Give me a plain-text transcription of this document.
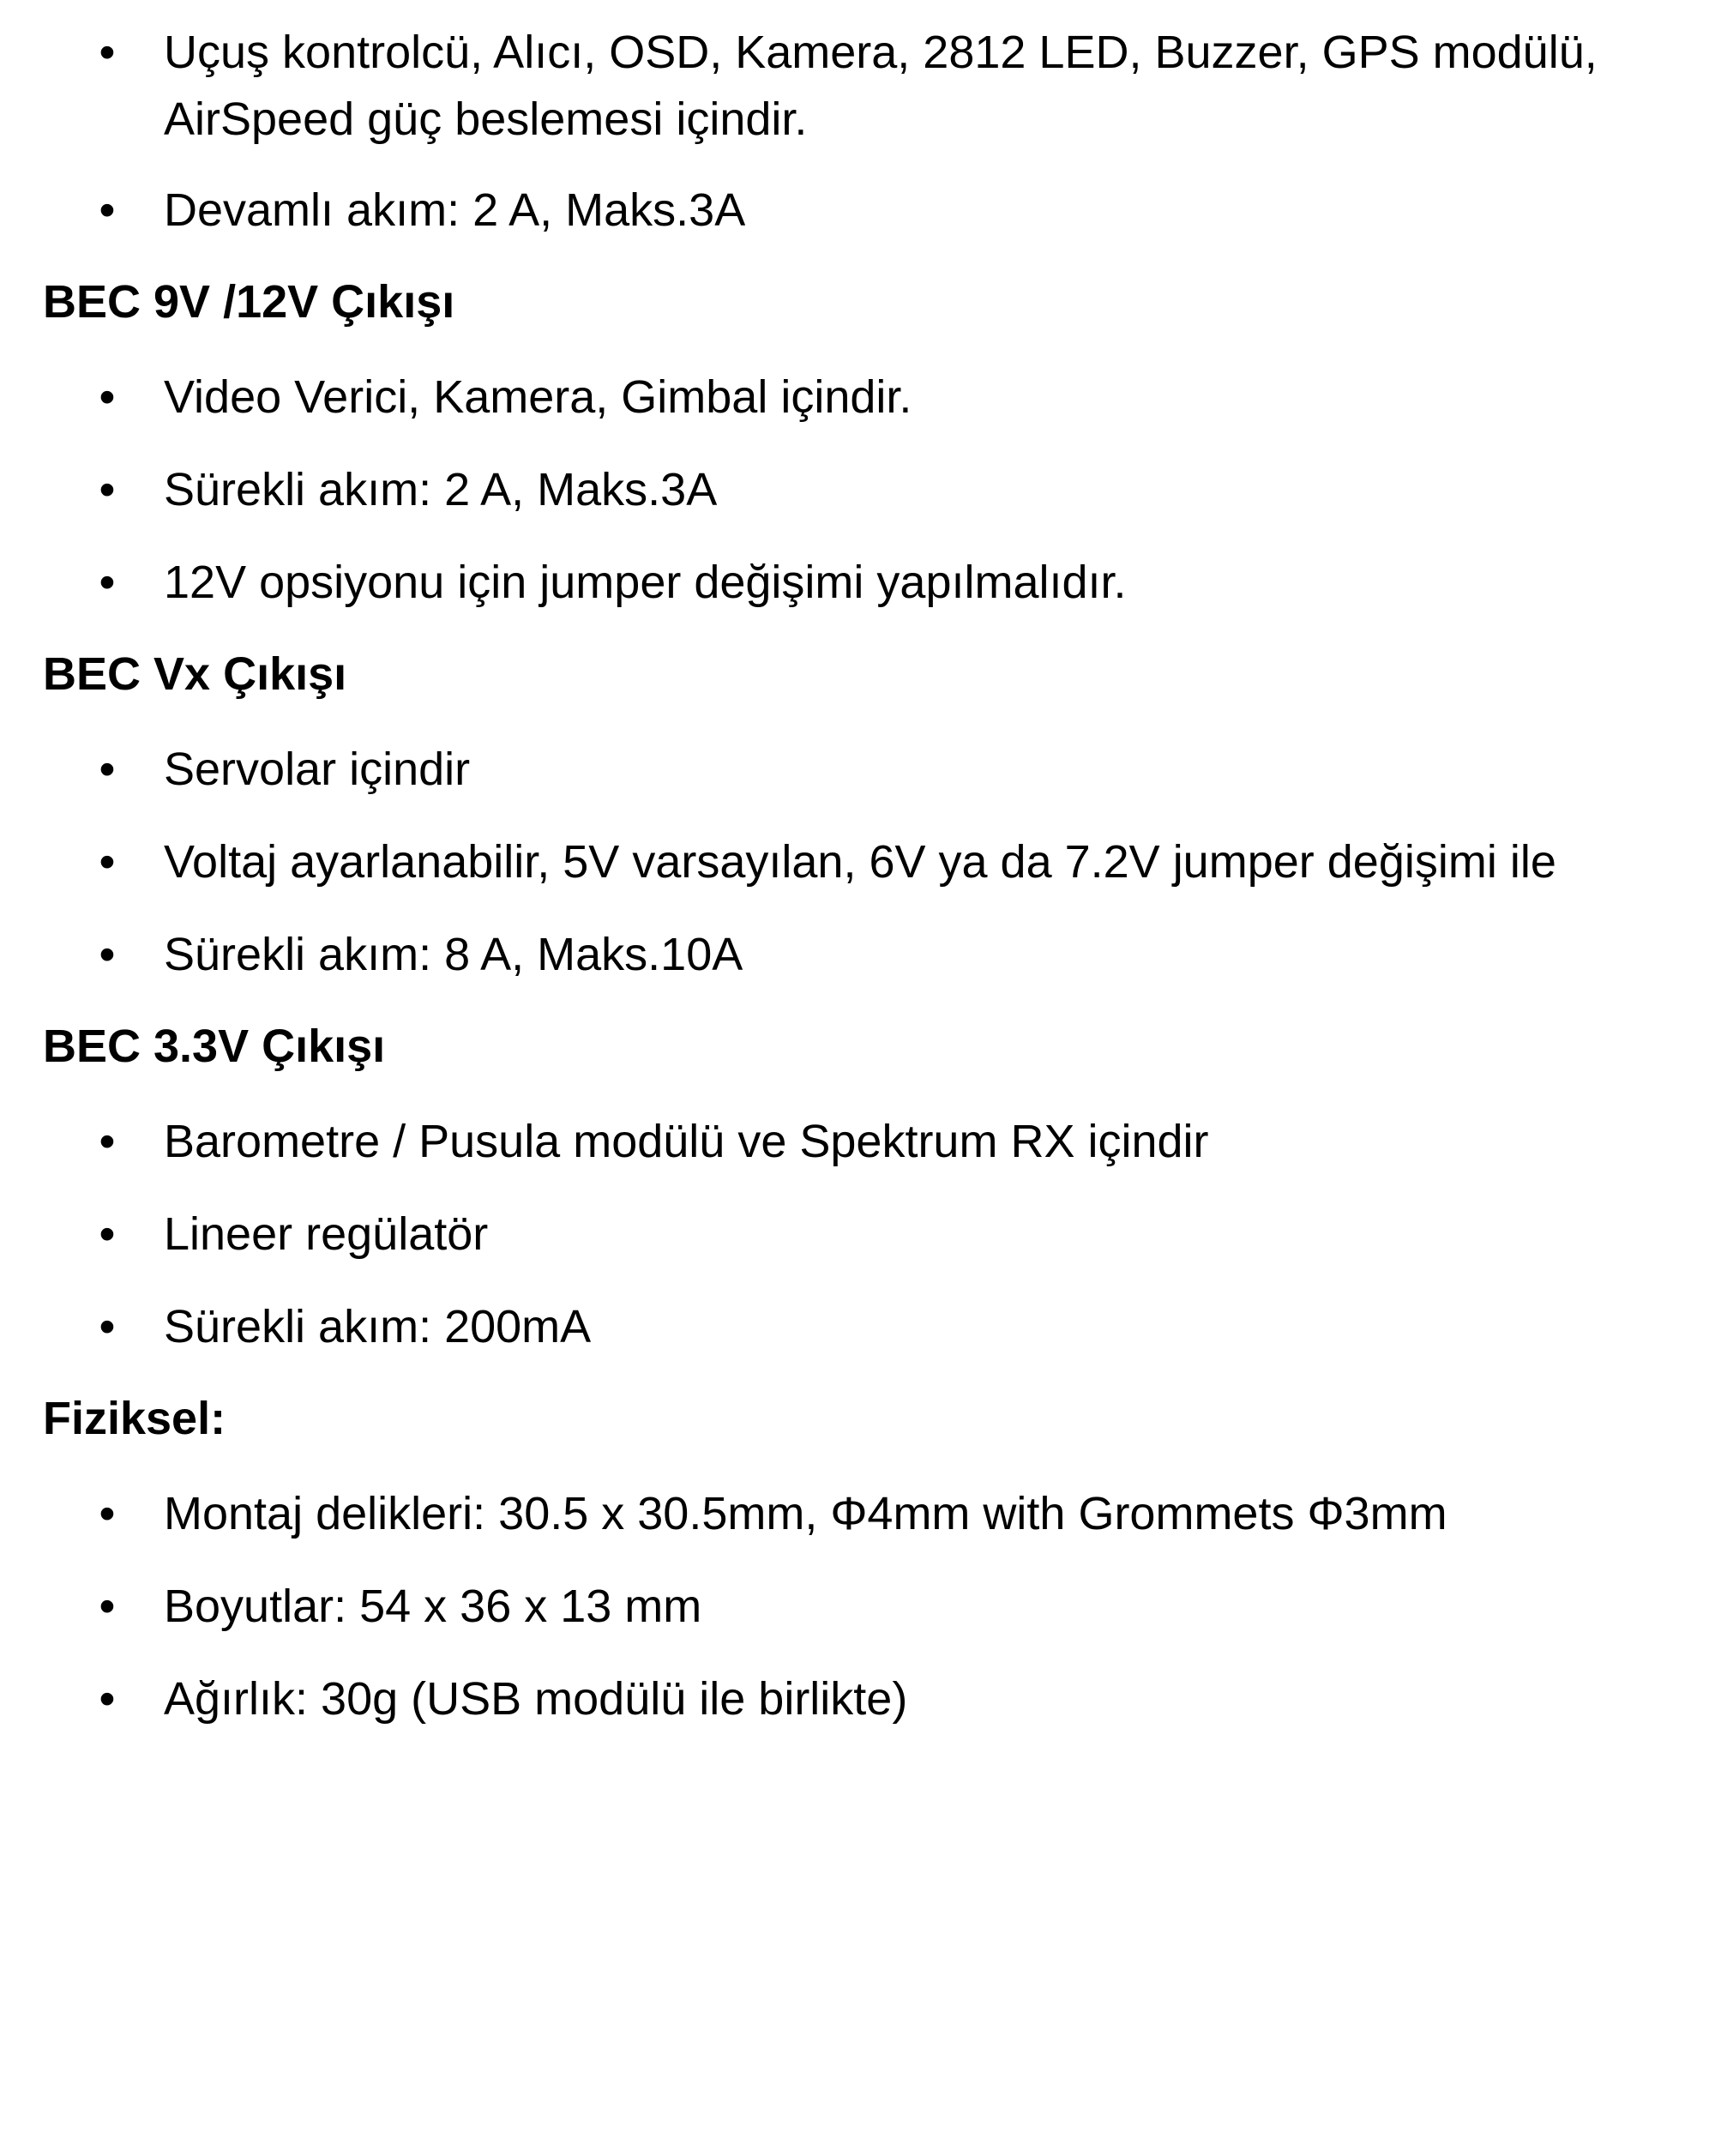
• Uçuş kontrolcü, Alıcı, OSD, Kamera, 2812 LED, Buzzer, GPS modülü,
AirSpeed güç beslemesi içindir.
• Devamlı akım: 2 A, Maks.3A
BEC 9V /12V Çıkışı
• Video Verici, Kamera, Gimbal içindir.
• Sürekli akım: 2 A, Maks.3A
• 12V opsiyonu için jumper değişimi yapılmalıdır.
BEC Vx Çıkışı
• Servolar içindir
• Voltaj ayarlanabilir, 5V varsayılan, 6V ya da 7.2V jumper değişimi ile
• Sürekli akım: 8 A, Maks.10A
BEC 3.3V Çıkışı
• Barometre / Pusula modülü ve Spektrum RX içindir
• Lineer regülatör
• Sürekli akım: 200mA
Fiziksel:
• Montaj delikleri: 30.5 x 30.5mm, Φ4mm with Grommets Φ3mm
• Boyutlar: 54 x 36 x 13 mm
• Ağırlık: 30g (USB modülü ile birlikte)
